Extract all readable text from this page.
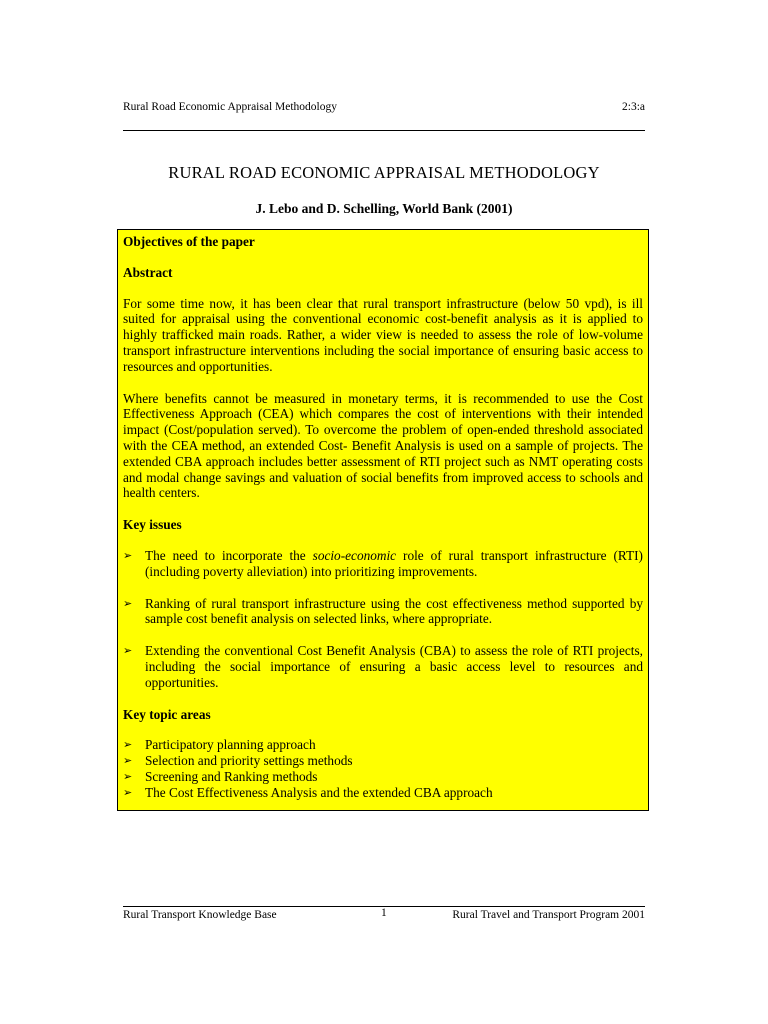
Rural Road Economic Appraisal Methodology	2:3:a
RURAL ROAD ECONOMIC APPRAISAL METHODOLOGY
J. Lebo and D. Schelling, World Bank (2001)
Objectives of the paper
Abstract

For some time now, it has been clear that rural transport infrastructure (below 50 vpd), is ill suited for appraisal using the conventional economic cost-benefit analysis as it is applied to highly trafficked main roads. Rather, a wider view is needed to assess the role of low-volume transport infrastructure interventions including the social importance of ensuring basic access to resources and opportunities.

Where benefits cannot be measured in monetary terms, it is recommended to use the Cost Effectiveness Approach (CEA) which compares the cost of interventions with their intended impact (Cost/population served). To overcome the problem of open-ended threshold associated with the CEA method, an extended Cost- Benefit Analysis is used on a sample of projects. The extended CBA approach includes better assessment of RTI project such as NMT operating costs and modal change savings and valuation of social benefits from improved access to schools and health centers.

Key issues
➢ The need to incorporate the socio-economic role of rural transport infrastructure (RTI) (including poverty alleviation) into prioritizing improvements.
➢ Ranking of rural transport infrastructure using the cost effectiveness method supported by sample cost benefit analysis on selected links, where appropriate.
➢ Extending the conventional Cost Benefit Analysis (CBA) to assess the role of RTI projects, including the social importance of ensuring a basic access level to resources and opportunities.
Key topic areas
➢ Participatory planning approach
➢ Selection and priority settings methods
➢ Screening and Ranking methods
➢ The Cost Effectiveness Analysis and the extended CBA approach
Rural Transport Knowledge Base	1	Rural Travel and Transport Program 2001
